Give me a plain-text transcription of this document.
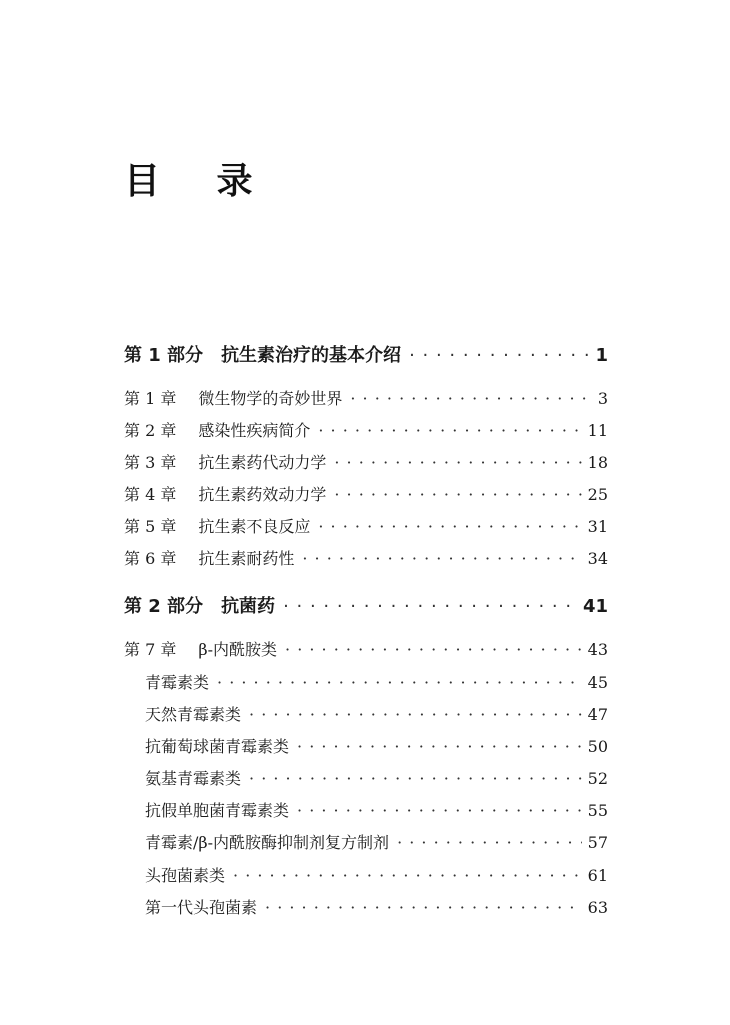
目 录
第 1 部分 抗生素治疗的基本介绍 · · ·	1
第 1 章 微生物学的奇妙世界 · · ·	3
第 2 章 感染性疾病简介 · · ·	11
第 3 章 抗生素药代动力学 · · ·	18
第 4 章 抗生素药效动力学 · · ·	25
第 5 章 抗生素不良反应 · · ·	31
第 6 章 抗生素耐药性 · · ·	34
第 2 部分 抗菌药 · · ·	41
第 7 章 β-内酰胺类 · · ·	43
青霉素类 · · ·	45
天然青霉素类 · · ·	47
抗葡萄球菌青霉素类 · · ·	50
氨基青霉素类 · · ·	52
抗假单胞菌青霉素类 · · ·	55
青霉素/β-内酰胺酶抑制剂复方制剂 · · ·	57
头孢菌素类 · · ·	61
第一代头孢菌素 · · ·	63
